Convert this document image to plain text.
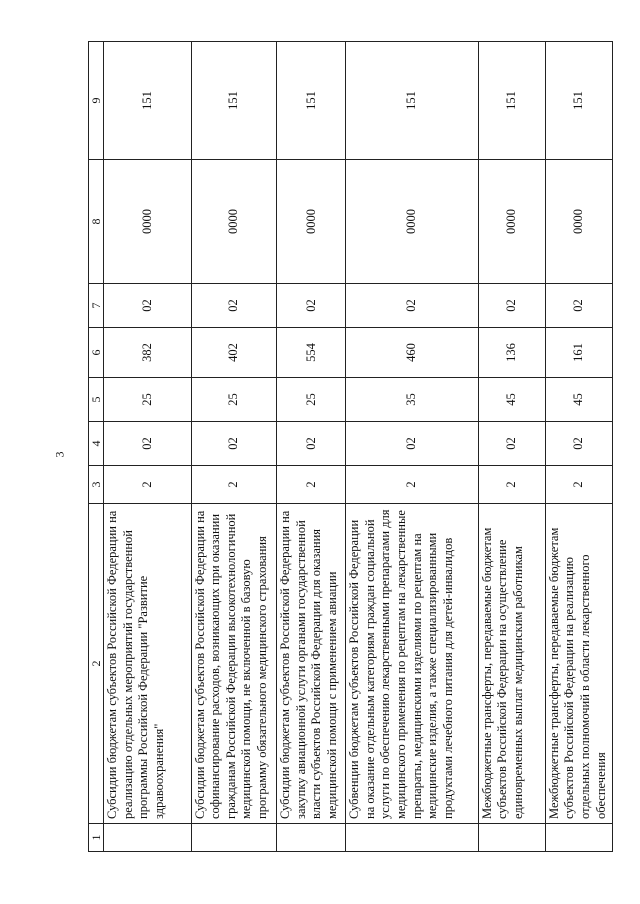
3
1	2	3	4	5	6	7	8	9
	Субсидии бюджетам субъектов Российской Федерации на реализацию отдельных мероприятий государственной программы Российской Федерации "Развитие здравоохранения"	2	02	25	382	02	0000	151
	Субсидии бюджетам субъектов Российской Федерации на софинансирование расходов, возникающих при оказании гражданам Российской Федерации высокотехнологичной медицинской помощи, не включенной в базовую программу обязательного медицинского страхования	2	02	25	402	02	0000	151
	Субсидии бюджетам субъектов Российской Федерации на закупку авиационной услуги органами государственной власти субъектов Российской Федерации для оказания медицинской помощи с применением авиации	2	02	25	554	02	0000	151
	Субвенции бюджетам субъектов Российской Федерации на оказание отдельным категориям граждан социальной услуги по обеспечению лекарственными препаратами для медицинского применения по рецептам на лекарственные препараты, медицинскими изделиями по рецептам на медицинские изделия, а также специализированными продуктами лечебного питания для детей-инвалидов	2	02	35	460	02	0000	151
	Межбюджетные трансферты, передаваемые бюджетам субъектов Российской Федерации на осуществление единовременных выплат медицинским работникам	2	02	45	136	02	0000	151
	Межбюджетные трансферты, передаваемые бюджетам субъектов Российской Федерации на реализацию отдельных полномочий в области лекарственного обеспечения	2	02	45	161	02	0000	151
